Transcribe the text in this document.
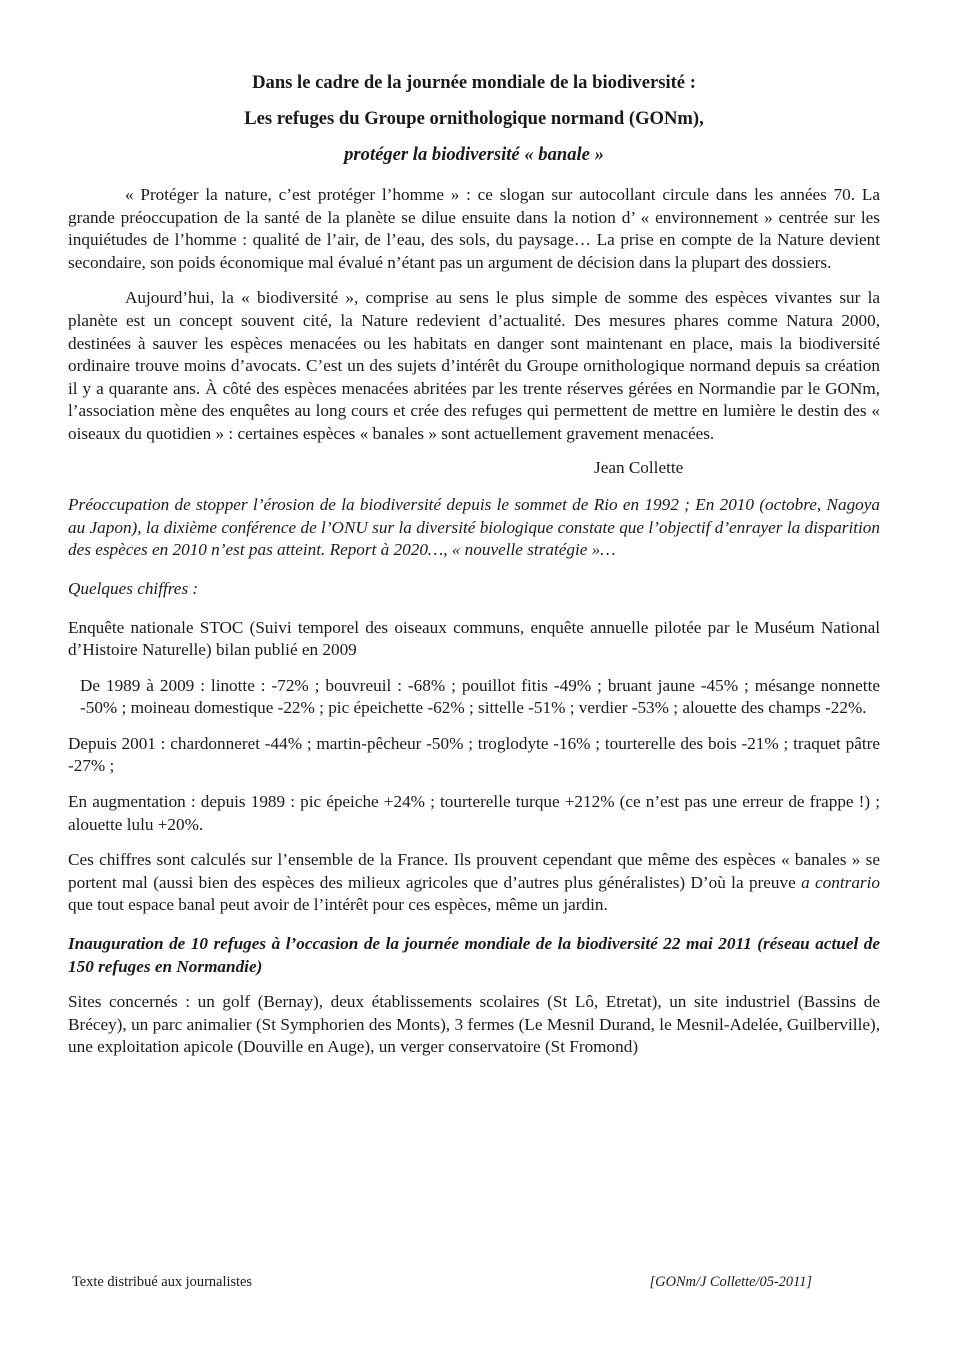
Dans le cadre de la journée mondiale de la biodiversité :
Les refuges du Groupe ornithologique normand (GONm),
protéger la biodiversité « banale »

« Protéger la nature, c’est protéger l’homme » : ce slogan sur autocollant circule dans les années 70. La grande préoccupation de la santé de la planète se dilue ensuite dans la notion d’ « environnement » centrée sur les inquiétudes de l’homme : qualité de l’air, de l’eau, des sols, du paysage… La prise en compte de la Nature devient secondaire, son poids économique mal évalué n’étant pas un argument de décision dans la plupart des dossiers.

Aujourd’hui, la « biodiversité », comprise au sens le plus simple de somme des espèces vivantes sur la planète est un concept souvent cité, la Nature redevient d’actualité. Des mesures phares comme Natura 2000, destinées à sauver les espèces menacées ou les habitats en danger sont maintenant en place, mais la biodiversité ordinaire trouve moins d’avocats. C’est un des sujets d’intérêt du Groupe ornithologique normand depuis sa création il y a quarante ans. À côté des espèces menacées abritées par les trente réserves gérées en Normandie par le GONm, l’association mène des enquêtes au long cours et crée des refuges qui permettent de mettre en lumière le destin des « oiseaux du quotidien » : certaines espèces « banales » sont actuellement gravement menacées.

Jean Collette

Préoccupation de stopper l’érosion de la biodiversité depuis le sommet de Rio en 1992 ; En 2010 (octobre, Nagoya au Japon), la dixième conférence de l’ONU sur la diversité biologique constate que l’objectif d’enrayer la disparition des espèces en 2010 n’est pas atteint. Report à 2020…, « nouvelle stratégie »…

Quelques chiffres :

Enquête nationale STOC (Suivi temporel des oiseaux communs, enquête annuelle pilotée par le Muséum National d’Histoire Naturelle) bilan publié en 2009

De 1989 à 2009 : linotte : -72% ; bouvreuil : -68% ; pouillot fitis -49% ; bruant jaune -45% ; mésange nonnette -50% ; moineau domestique -22% ; pic épeichette -62% ; sittelle -51% ; verdier -53% ; alouette des champs -22%.

Depuis 2001 : chardonneret -44% ; martin-pêcheur -50% ; troglodyte -16% ; tourterelle des bois -21% ; traquet pâtre -27% ;

En augmentation : depuis 1989 : pic épeiche +24% ; tourterelle turque +212% (ce n’est pas une erreur de frappe !) ; alouette lulu +20%.

Ces chiffres sont calculés sur l’ensemble de la France. Ils prouvent cependant que même des espèces « banales » se portent mal (aussi bien des espèces des milieux agricoles que d’autres plus généralistes) D’où la preuve a contrario que tout espace banal peut avoir de l’intérêt pour ces espèces, même un jardin.

Inauguration de 10 refuges à l’occasion de la journée mondiale de la biodiversité 22 mai 2011 (réseau actuel de 150 refuges en Normandie)

Sites concernés : un golf (Bernay), deux établissements scolaires (St Lô, Etretat), un site industriel (Bassins de Brécey), un parc animalier (St Symphorien des Monts), 3 fermes (Le Mesnil Durand, le Mesnil-Adelée, Guilberville), une exploitation apicole (Douville en Auge), un verger conservatoire (St Fromond)

Texte distribué aux journalistes	[GONm/J Collette/05-2011]
